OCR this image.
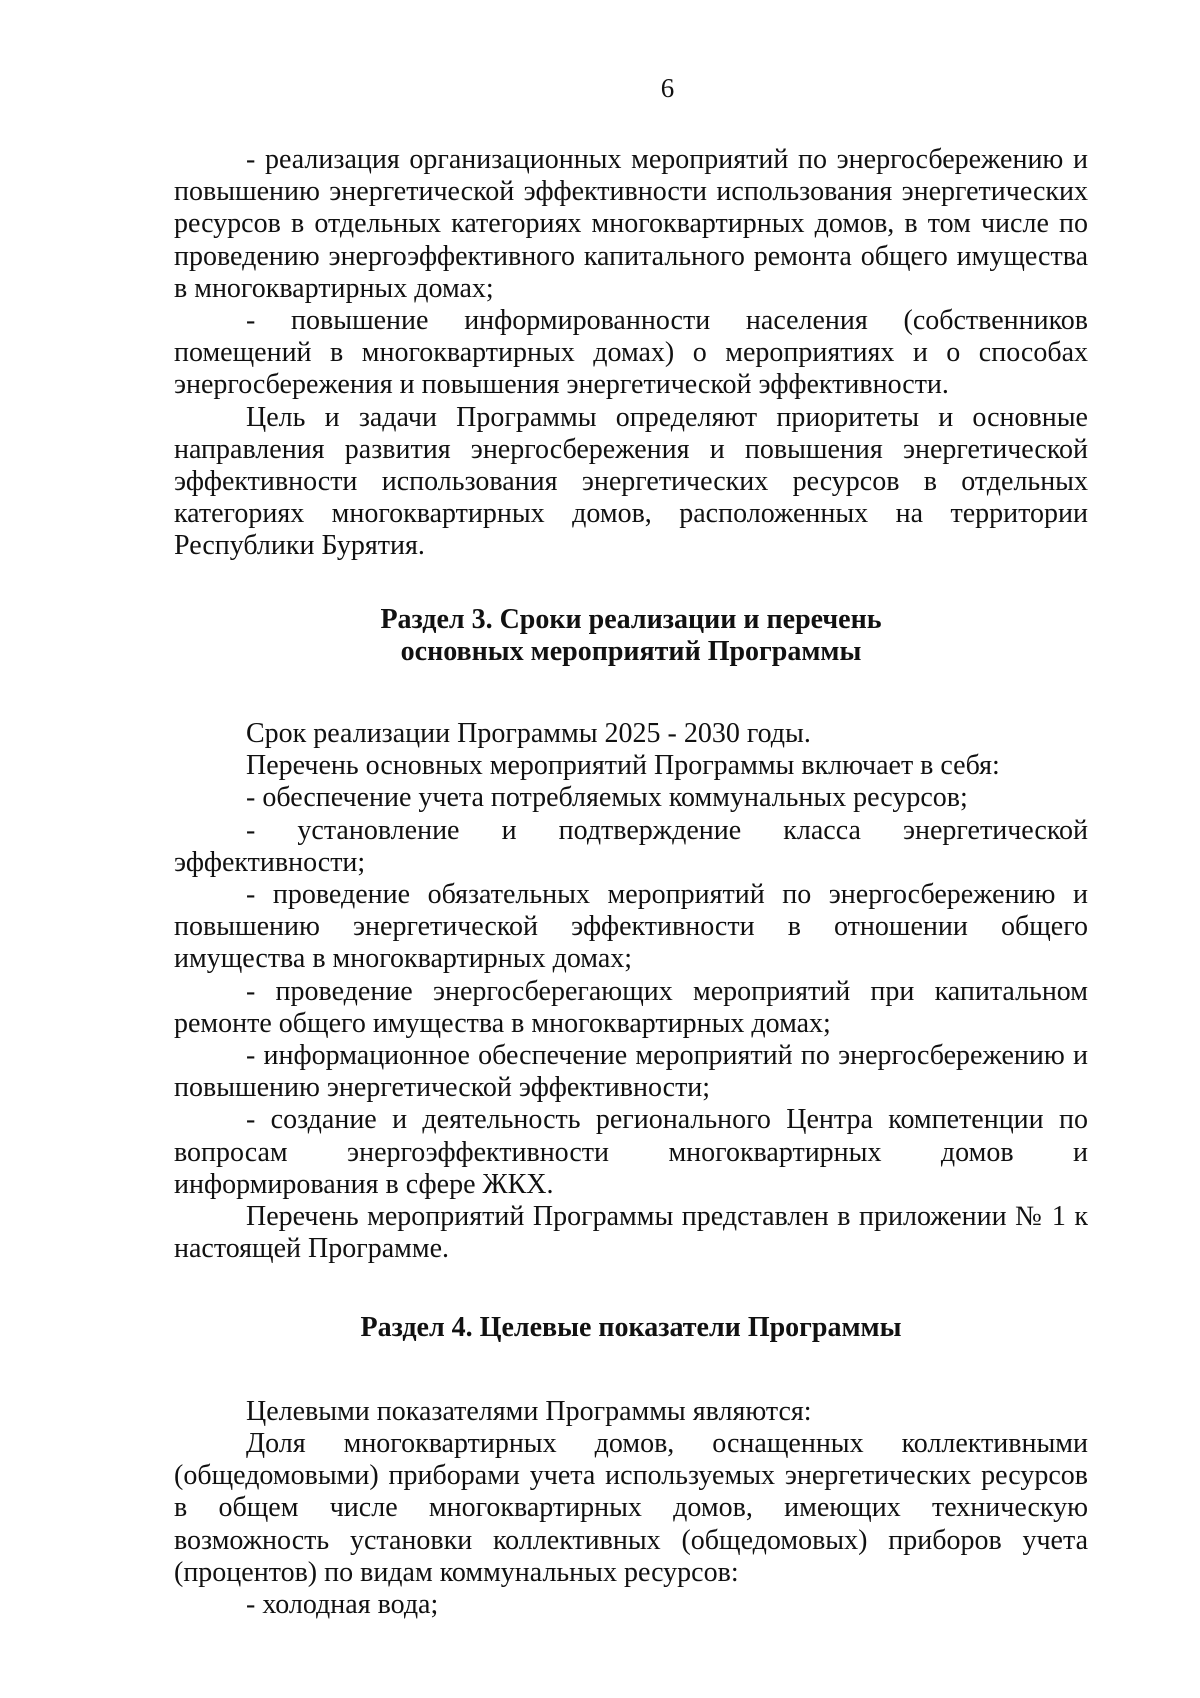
6

- реализация организационных мероприятий по энергосбережению и повышению энергетической эффективности использования энергетических ресурсов в отдельных категориях многоквартирных домов, в том числе по проведению энергоэффективного капитального ремонта общего имущества в многоквартирных домах;

- повышение информированности населения (собственников помещений в многоквартирных домах) о мероприятиях и о способах энергосбережения и повышения энергетической эффективности.

Цель и задачи Программы определяют приоритеты и основные направления развития энергосбережения и повышения энергетической эффективности использования энергетических ресурсов в отдельных категориях многоквартирных домов, расположенных на территории Республики Бурятия.

Раздел 3. Сроки реализации и перечень
основных мероприятий Программы

Срок реализации Программы 2025 - 2030 годы.

Перечень основных мероприятий Программы включает в себя:

- обеспечение учета потребляемых коммунальных ресурсов;

- установление и подтверждение класса энергетической эффективности;

- проведение обязательных мероприятий по энергосбережению и повышению энергетической эффективности в отношении общего имущества в многоквартирных домах;

- проведение энергосберегающих мероприятий при капитальном ремонте общего имущества в многоквартирных домах;

- информационное обеспечение мероприятий по энергосбережению и повышению энергетической эффективности;

- создание и деятельность регионального Центра компетенции по вопросам энергоэффективности многоквартирных домов и информирования в сфере ЖКХ.

Перечень мероприятий Программы представлен в приложении № 1 к настоящей Программе.

Раздел 4. Целевые показатели Программы

Целевыми показателями Программы являются:

Доля многоквартирных домов, оснащенных коллективными (общедомовыми) приборами учета используемых энергетических ресурсов в общем числе многоквартирных домов, имеющих техническую возможность установки коллективных (общедомовых) приборов учета (процентов) по видам коммунальных ресурсов:

- холодная вода;
